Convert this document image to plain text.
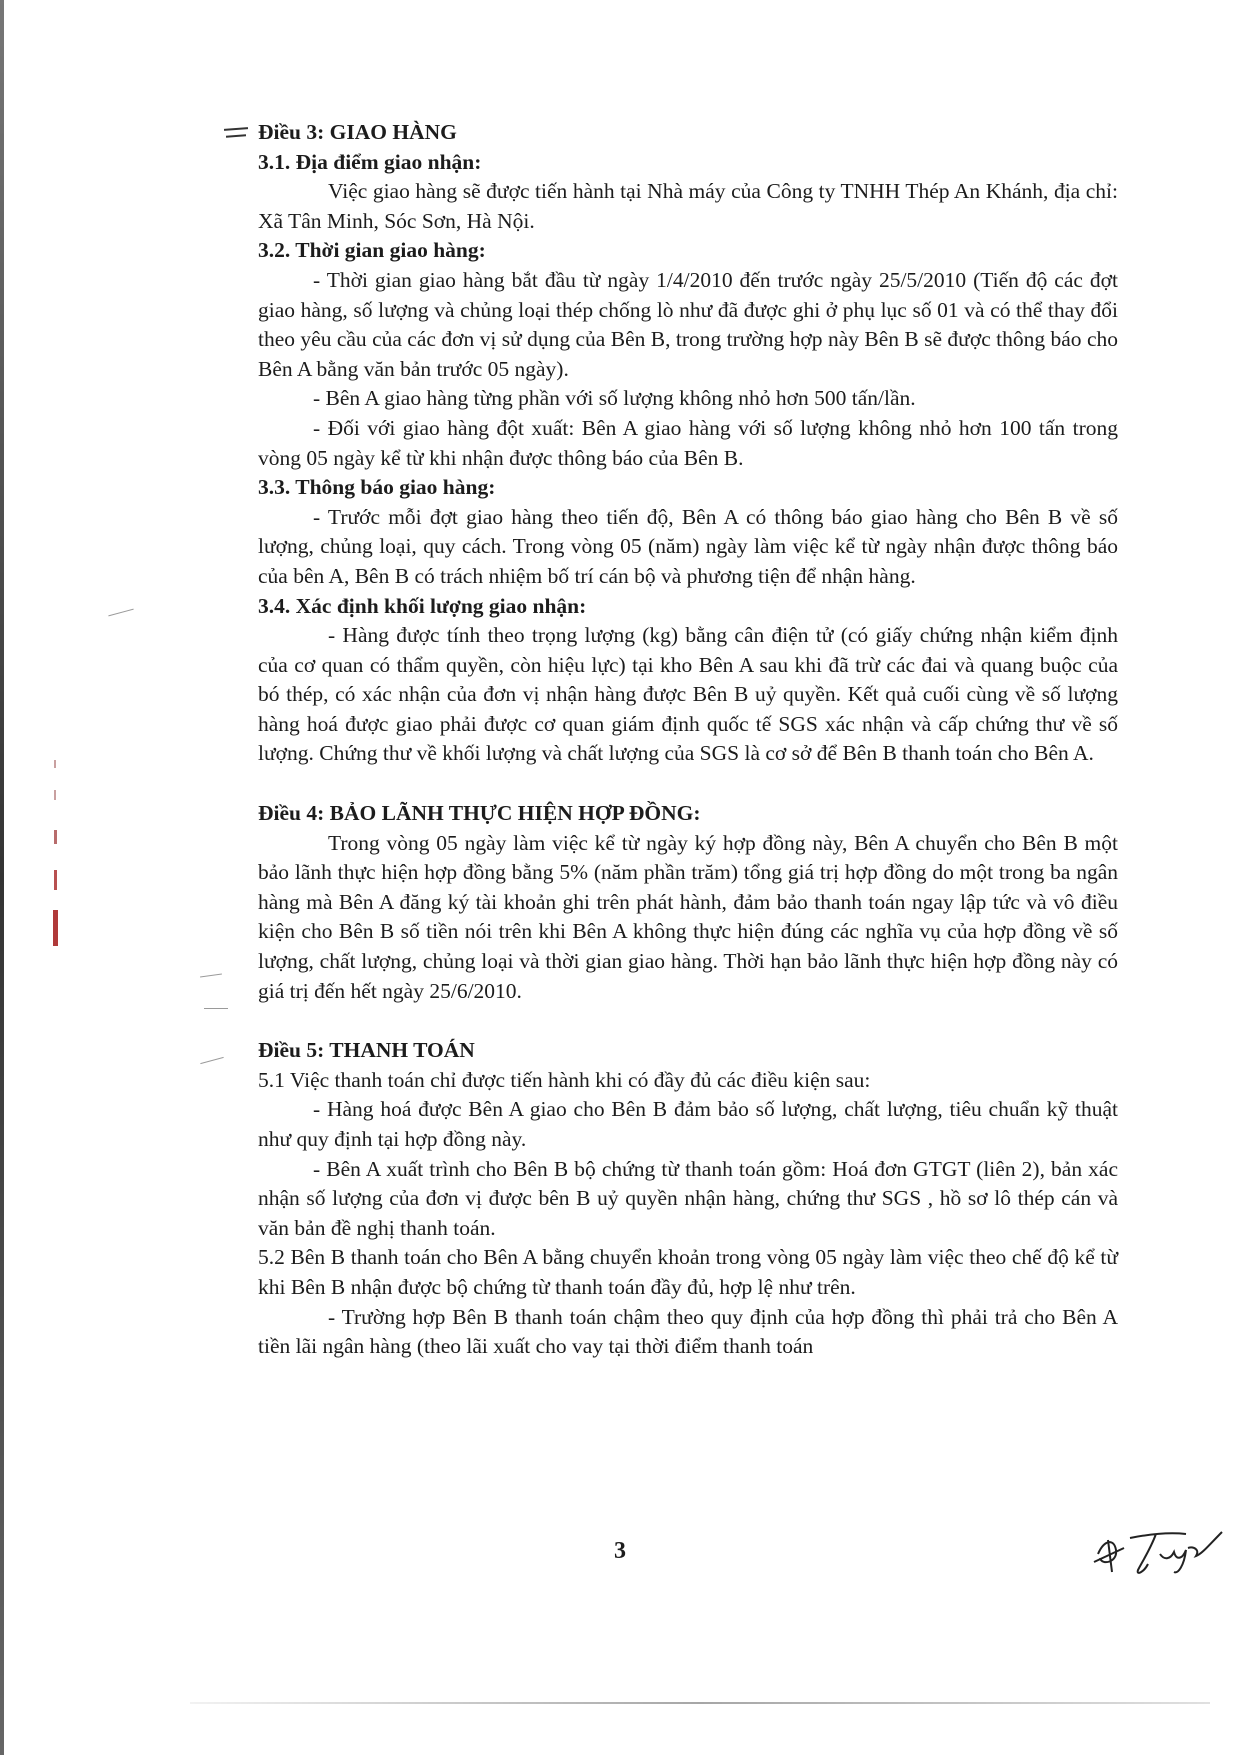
Điều 3: GIAO HÀNG

3.1. Địa điểm giao nhận:

Việc giao hàng sẽ được tiến hành tại Nhà máy của Công ty TNHH Thép An Khánh, địa chỉ: Xã Tân Minh, Sóc Sơn, Hà Nội.

3.2. Thời gian giao hàng:

- Thời gian giao hàng bắt đầu từ ngày 1/4/2010 đến trước ngày 25/5/2010 (Tiến độ các đợt giao hàng, số lượng và chủng loại thép chống lò như đã được ghi ở phụ lục số 01 và có thể thay đổi theo yêu cầu của các đơn vị sử dụng của Bên B, trong trường hợp này Bên B sẽ được thông báo cho Bên A bằng văn bản trước 05 ngày).

- Bên A giao hàng từng phần với số lượng không nhỏ hơn 500 tấn/lần.

- Đối với giao hàng đột xuất: Bên A giao hàng với số lượng không nhỏ hơn 100 tấn trong vòng 05 ngày kể từ khi nhận được thông báo của Bên B.

3.3. Thông báo giao hàng:

- Trước mỗi đợt giao hàng theo tiến độ, Bên A có thông báo giao hàng cho Bên B về số lượng, chủng loại, quy cách. Trong vòng 05 (năm) ngày làm việc kể từ ngày nhận được thông báo của bên A, Bên B có trách nhiệm bố trí cán bộ và phương tiện để nhận hàng.

3.4. Xác định khối lượng giao nhận:

- Hàng được tính theo trọng lượng (kg) bằng cân điện tử (có giấy chứng nhận kiểm định của cơ quan có thẩm quyền, còn hiệu lực) tại kho Bên A sau khi đã trừ các đai và quang buộc của bó thép, có xác nhận của đơn vị nhận hàng được Bên B uỷ quyền. Kết quả cuối cùng về số lượng hàng hoá được giao phải được cơ quan giám định quốc tế SGS xác nhận và cấp chứng thư về số lượng. Chứng thư về khối lượng và chất lượng của SGS là cơ sở để Bên B thanh toán cho Bên A.

Điều 4: BẢO LÃNH THỰC HIỆN HỢP ĐỒNG:

Trong vòng 05 ngày làm việc kể từ ngày ký hợp đồng này, Bên A chuyển cho Bên B một bảo lãnh thực hiện hợp đồng bằng 5% (năm phần trăm) tổng giá trị hợp đồng do một trong ba ngân hàng mà Bên A đăng ký tài khoản ghi trên phát hành, đảm bảo thanh toán ngay lập tức và vô điều kiện cho Bên B số tiền nói trên khi Bên A không thực hiện đúng các nghĩa vụ của hợp đồng về số lượng, chất lượng, chủng loại và thời gian giao hàng. Thời hạn bảo lãnh thực hiện hợp đồng này có giá trị đến hết ngày 25/6/2010.

Điều 5: THANH TOÁN

5.1 Việc thanh toán chỉ được tiến hành khi có đầy đủ các điều kiện sau:

- Hàng hoá được Bên A giao cho Bên B đảm bảo số lượng, chất lượng, tiêu chuẩn kỹ thuật như quy định tại hợp đồng này.

- Bên A xuất trình cho Bên B bộ chứng từ thanh toán gồm: Hoá đơn GTGT (liên 2), bản xác nhận số lượng của đơn vị được bên B uỷ quyền nhận hàng, chứng thư SGS , hồ sơ lô thép cán và văn bản đề nghị thanh toán.

5.2 Bên B thanh toán cho Bên A bằng chuyển khoản trong vòng 05 ngày làm việc theo chế độ kể từ khi Bên B nhận được bộ chứng từ thanh toán đầy đủ, hợp lệ như trên.

- Trường hợp Bên B thanh toán chậm theo quy định của hợp đồng thì phải trả cho Bên A tiền lãi ngân hàng (theo lãi xuất cho vay tại thời điểm thanh toán

3
